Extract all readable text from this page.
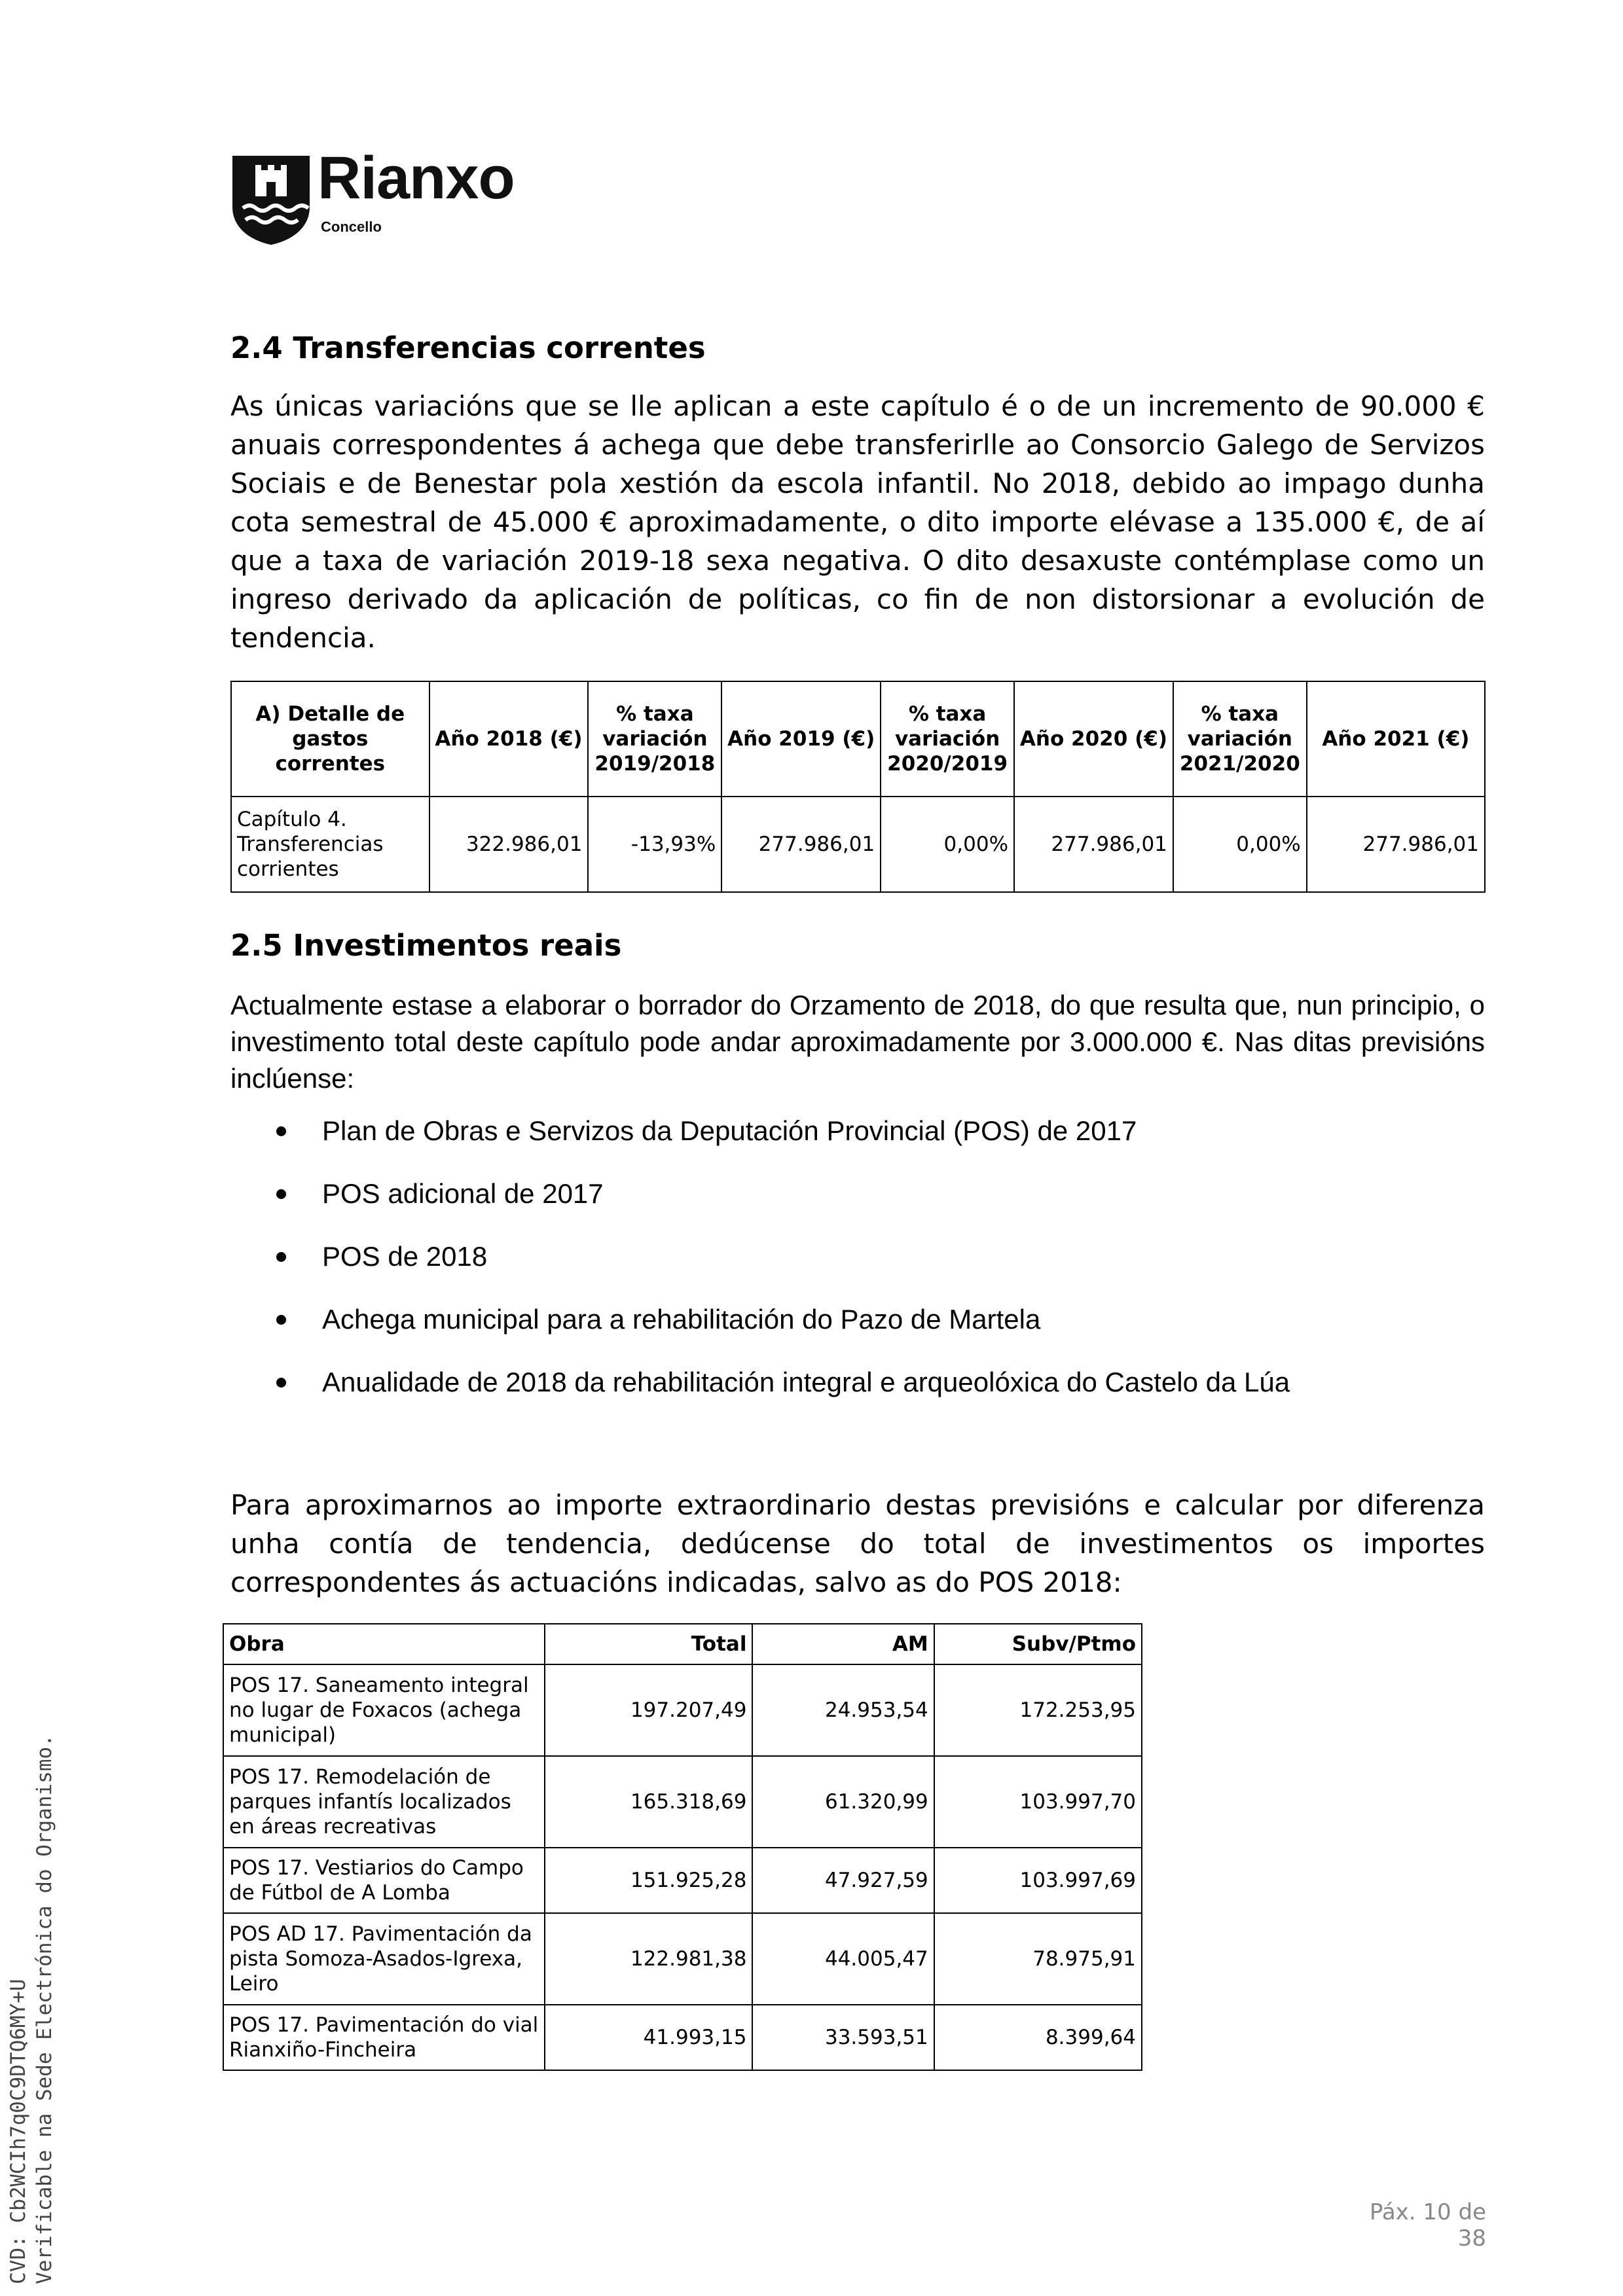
Rianxo
Concello
2.4 Transferencias correntes

As únicas variacións que se lle aplican a este capítulo é o de un incremento de 90.000 € anuais correspondentes á achega que debe transferirlle ao Consorcio Galego de Servizos Sociais e de Benestar pola xestión da escola infantil. No 2018, debido ao impago dunha cota semestral de 45.000 € aproximadamente, o dito importe elévase a 135.000 €, de aí que a taxa de variación 2019-18 sexa negativa. O dito desaxuste contémplase como un ingreso derivado da aplicación de políticas, co fin de non distorsionar a evolución de tendencia.

A) Detalle de gastos correntes	Año 2018 (€)	% taxa variación 2019/2018	Año 2019 (€)	% taxa variación 2020/2019	Año 2020 (€)	% taxa variación 2021/2020	Año 2021 (€)
Capítulo 4. Transferencias corrientes	322.986,01	-13,93%	277.986,01	0,00%	277.986,01	0,00%	277.986,01
2.5 Investimentos reais

Actualmente estase a elaborar o borrador do Orzamento de 2018, do que resulta que, nun principio, o investimento total deste capítulo pode andar aproximadamente por 3.000.000 €. Nas ditas previsións inclúense:

Plan de Obras e Servizos da Deputación Provincial (POS) de 2017
POS adicional de 2017
POS de 2018
Achega municipal para a rehabilitación do Pazo de Martela
Anualidade de 2018 da rehabilitación integral e arqueolóxica do Castelo da Lúa

Para aproximarnos ao importe extraordinario destas previsións e calcular por diferenza unha contía de tendencia, dedúcense do total de investimentos os importes correspondentes ás actuacións indicadas, salvo as do POS 2018:

Obra	Total	AM	Subv/Ptmo
POS 17. Saneamento integral no lugar de Foxacos (achega municipal)	197.207,49	24.953,54	172.253,95
POS 17. Remodelación de parques infantís localizados en áreas recreativas	165.318,69	61.320,99	103.997,70
POS 17. Vestiarios do Campo de Fútbol de A Lomba	151.925,28	47.927,59	103.997,69
POS AD 17. Pavimentación da pista Somoza-Asados-Igrexa, Leiro	122.981,38	44.005,47	78.975,91
POS 17. Pavimentación do vial Rianxiño-Fincheira	41.993,15	33.593,51	8.399,64
CVD: Cb2WCIh7q0C9DTQ6MY+U Verificable na Sede Electrónica do Organismo.	Páx. 10 de 38
